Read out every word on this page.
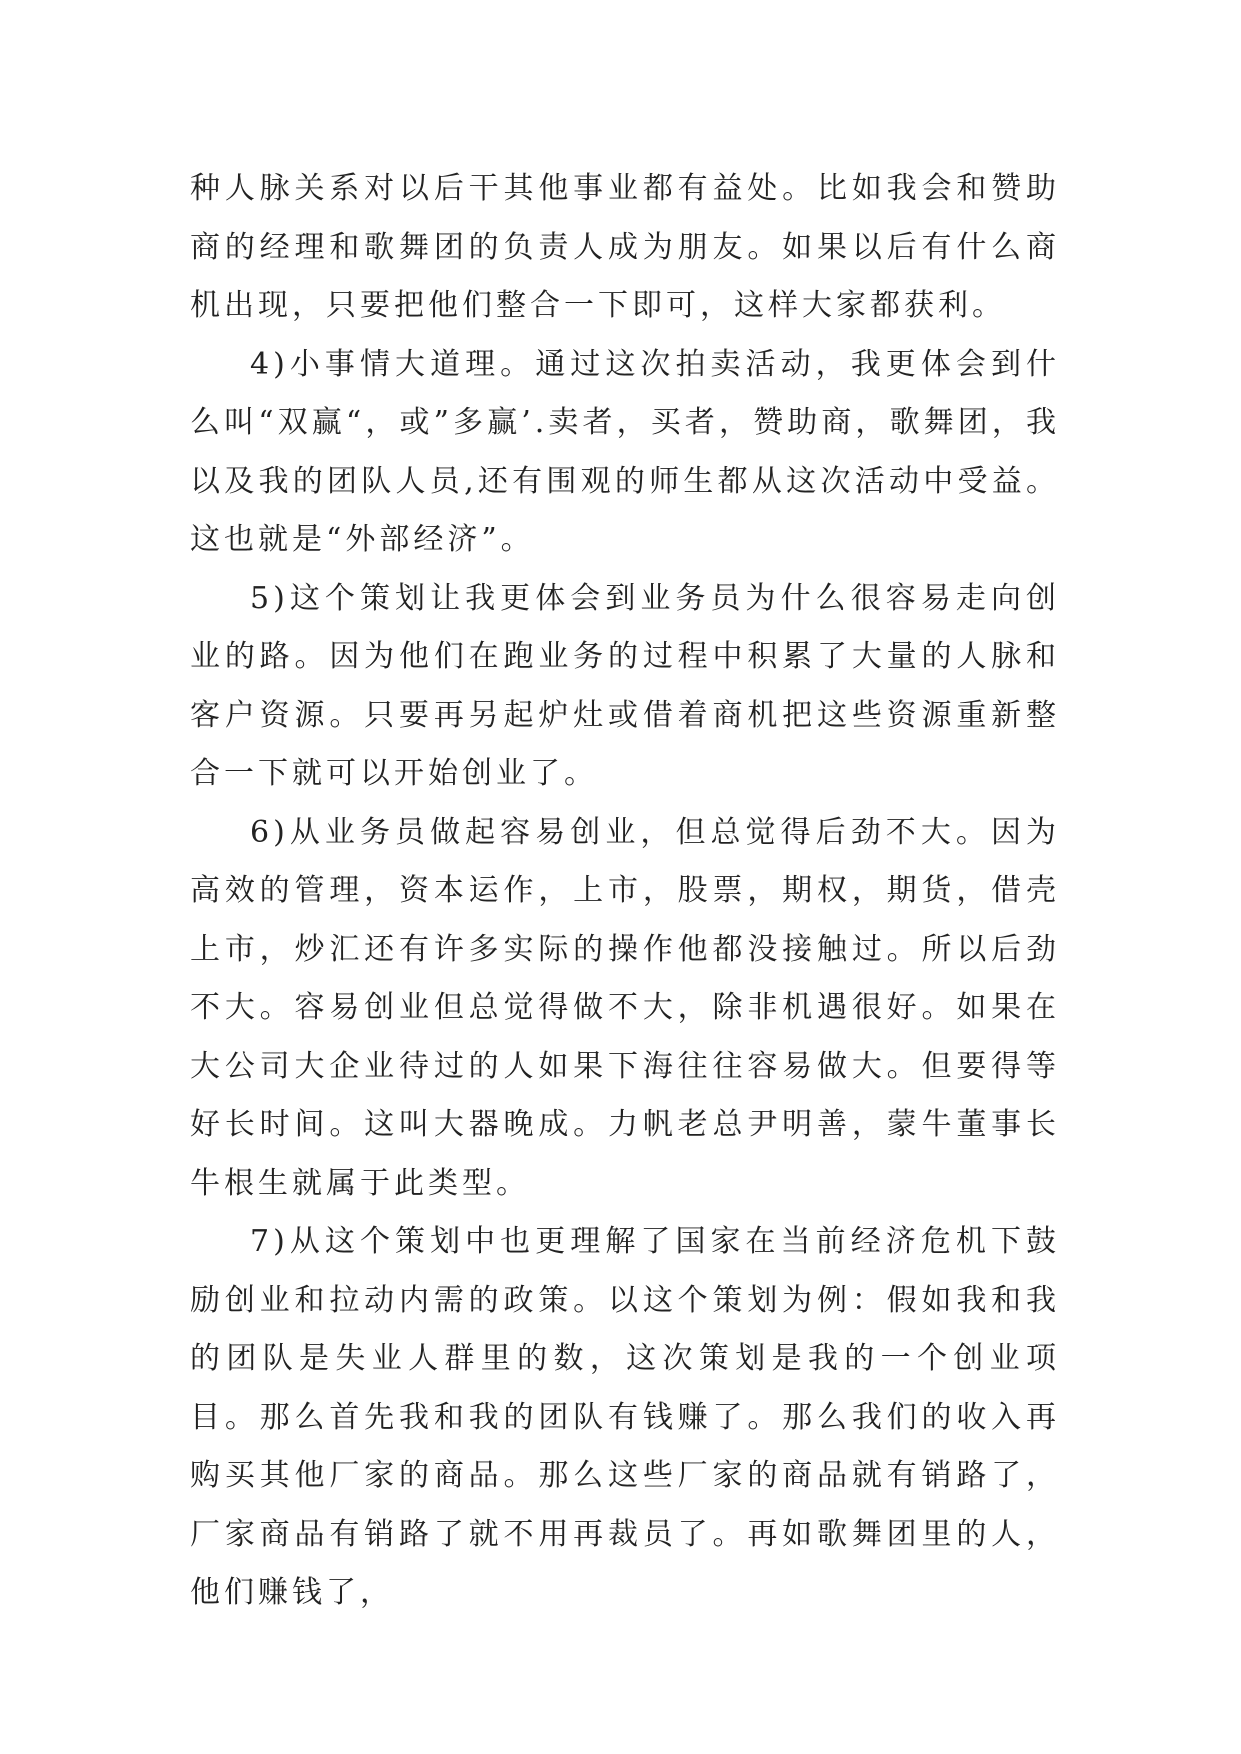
种人脉关系对以后干其他事业都有益处。比如我会和赞助商的经理和歌舞团的负责人成为朋友。如果以后有什么商机出现，只要把他们整合一下即可，这样大家都获利。

4)小事情大道理。通过这次拍卖活动，我更体会到什么叫“双赢“，或”多赢’.卖者，买者，赞助商，歌舞团，我以及我的团队人员,还有围观的师生都从这次活动中受益。这也就是“外部经济”。

5)这个策划让我更体会到业务员为什么很容易走向创业的路。因为他们在跑业务的过程中积累了大量的人脉和客户资源。只要再另起炉灶或借着商机把这些资源重新整合一下就可以开始创业了。

6)从业务员做起容易创业，但总觉得后劲不大。因为高效的管理，资本运作，上市，股票，期权，期货，借壳上市，炒汇还有许多实际的操作他都没接触过。所以后劲不大。容易创业但总觉得做不大，除非机遇很好。如果在大公司大企业待过的人如果下海往往容易做大。但要得等好长时间。这叫大器晚成。力帆老总尹明善，蒙牛董事长牛根生就属于此类型。

7)从这个策划中也更理解了国家在当前经济危机下鼓励创业和拉动内需的政策。以这个策划为例：假如我和我的团队是失业人群里的数，这次策划是我的一个创业项目。那么首先我和我的团队有钱赚了。那么我们的收入再购买其他厂家的商品。那么这些厂家的商品就有销路了，厂家商品有销路了就不用再裁员了。再如歌舞团里的人，他们赚钱了，
